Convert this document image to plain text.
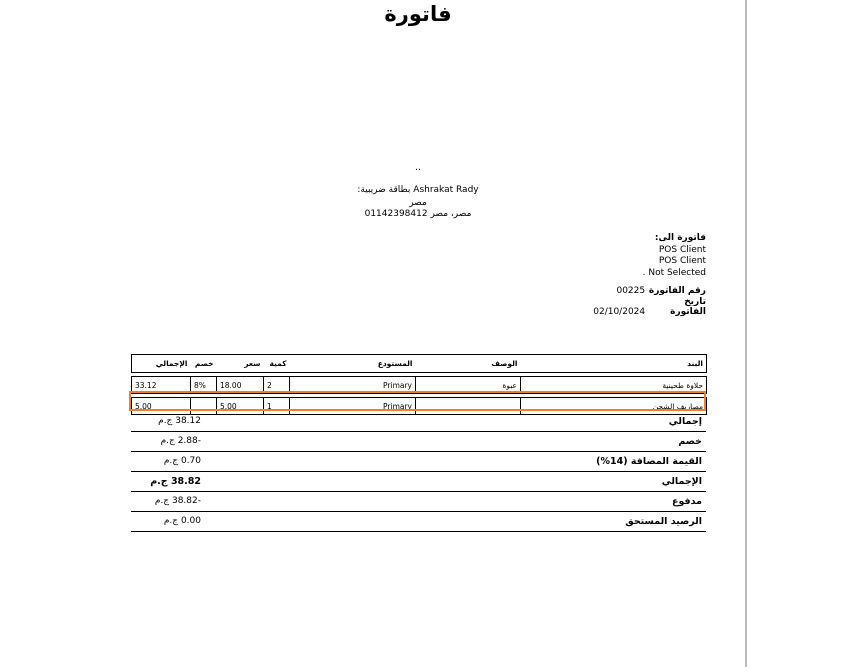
فاتورة
..
بطاقة ضريبية: Ashrakat Rady
مصر
مصر، مصر 01142398412
فاتورة الى:
POS Client
POS Client
Not Selected .
رقم الفاتورة 00225
تاريخ الفاتورة 02/10/2024
البند	الوصف	المستودع	كمية	سعر	خصم	الإجمالي

حلاوة طحينية	عبوة	Primary	2	18.00	8%	33.12

مصاريف الشحن		Primary	1	5.00		5.00
إجمالي
38.12 ج.م
خصم
-2.88 ج.م
القيمة المضافة (14%)
0.70 ج.م
الإجمالي
38.82 ج.م
مدفوع
-38.82 ج.م
الرصيد المستحق
0.00 ج.م
